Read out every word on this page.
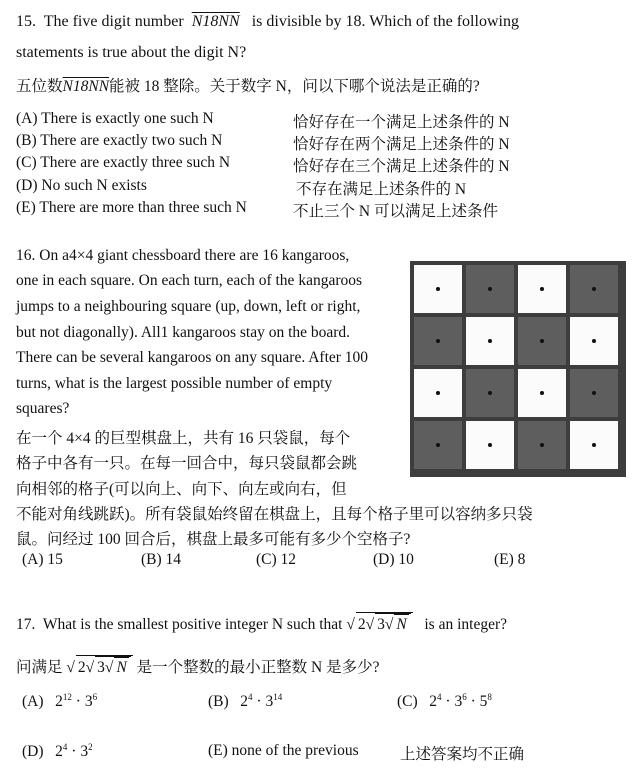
15. The five digit number N18NN is divisible by 18. Which of the following
statements is true about the digit N?
五位数N18NN能被 18 整除。关于数字 N，问以下哪个说法是正确的?
(A) There is exactly one such N	恰好存在一个满足上述条件的 N
(B) There are exactly two such N	恰好存在两个满足上述条件的 N
(C) There are exactly three such N	恰好存在三个满足上述条件的 N
(D) No such N exists	不存在满足上述条件的 N
(E) There are more than three such N	不止三个 N 可以满足上述条件
16. On a4×4 giant chessboard there are 16 kangaroos,
one in each square. On each turn, each of the kangaroos
jumps to a neighbouring square (up, down, left or right,
but not diagonally). All1 kangaroos stay on the board.
There can be several kangaroos on any square. After 100
turns, what is the largest possible number of empty
squares?
在一个 4×4 的巨型棋盘上，共有 16 只袋鼠，每个
格子中各有一只。在每一回合中，每只袋鼠都会跳
向相邻的格子(可以向上、向下、向左或向右，但
不能对角线跳跃)。所有袋鼠始终留在棋盘上，且每个格子里可以容纳多只袋
鼠。问经过 100 回合后，棋盘上最多可能有多少个空格子?
(A) 15	(B) 14	(C) 12	(D) 10	(E) 8
17. What is the smallest positive integer N such that √ 2√ 3√ N is an integer?
问满足 √ 2√ 3√ N 是一个整数的最小正整数 N 是多少?
(A) $2^{12} \cdot 3^6$	(B) $2^4 \cdot 3^{14}$	(C) $2^4 \cdot 3^6 \cdot 5^8$
(D) $2^4 \cdot 3^2$	(E) none of the previous	上述答案均不正确
